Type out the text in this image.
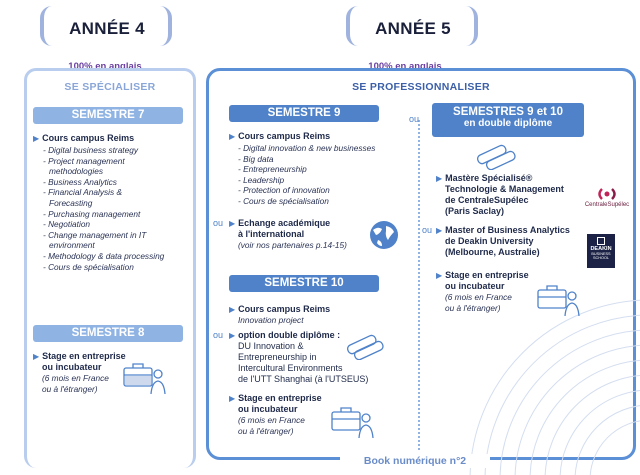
ANNÉE 4	ANNÉE 5
100% en anglais	100% en anglais
SE SPÉCIALISER	SE PROFESSIONNALISER
SEMESTRE 7
▶ Cours campus Reims
- Digital business strategy
- Project management
methodologies
- Business Analytics
- Financial Analysis &
Forecasting
- Purchasing management
- Negotiation
- Change management in IT
environment
- Methodology & data processing
- Cours de spécialisation
SEMESTRE 8
▶ Stage en entreprise
ou incubateur
(6 mois en France
ou à l'étranger)
SEMESTRE 9
▶ Cours campus Reims
- Digital innovation & new businesses
- Big data
- Entrepreneurship
- Leadership
- Protection of innovation
- Cours de spécialisation
ou ▶ Echange académique
à l'international
(voir nos partenaires p.14-15)
SEMESTRE 10
▶ Cours campus Reims
Innovation project
ou ▶ option double diplôme :
DU Innovation &
Entrepreneurship in
Intercultural Environments
de l'UTT Shanghai (à l'UTSEUS)
▶ Stage en entreprise
ou incubateur
(6 mois en France
ou à l'étranger)
ou
SEMESTRES 9 et 10
en double diplôme
▶ Mastère Spécialisé®
Technologie & Management
de CentraleSupélec
(Paris Saclay)
CentraleSupélec
ou ▶ Master of Business Analytics
de Deakin University
(Melbourne, Australie)	DEAKIN
BUSINESS
SCHOOL
▶ Stage en entreprise
ou incubateur
(6 mois en France
ou à l'étranger)
Book numérique n°2
